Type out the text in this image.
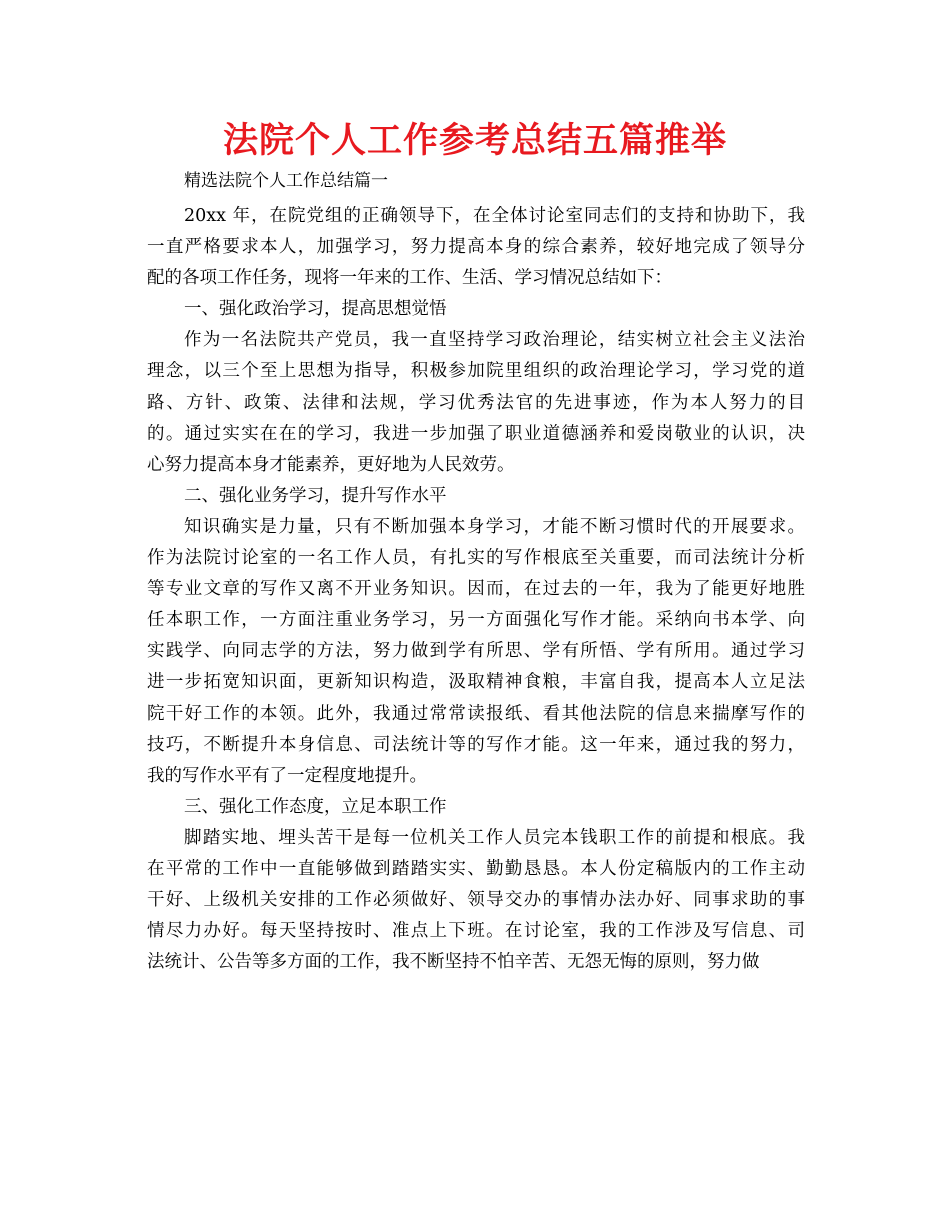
法院个人工作参考总结五篇推举

精选法院个人工作总结篇一

20xx 年，在院党组的正确领导下，在全体讨论室同志们的支持和协助下，我
一直严格要求本人，加强学习，努力提高本身的综合素养，较好地完成了领导分
配的各项工作任务，现将一年来的工作、生活、学习情况总结如下：
一、强化政治学习，提高思想觉悟
作为一名法院共产党员，我一直坚持学习政治理论，结实树立社会主义法治
理念，以三个至上思想为指导，积极参加院里组织的政治理论学习，学习党的道
路、方针、政策、法律和法规，学习优秀法官的先进事迹，作为本人努力的目
的。通过实实在在的学习，我进一步加强了职业道德涵养和爱岗敬业的认识，决
心努力提高本身才能素养，更好地为人民效劳。
二、强化业务学习，提升写作水平
知识确实是力量，只有不断加强本身学习，才能不断习惯时代的开展要求。
作为法院讨论室的一名工作人员，有扎实的写作根底至关重要，而司法统计分析
等专业文章的写作又离不开业务知识。因而，在过去的一年，我为了能更好地胜
任本职工作，一方面注重业务学习，另一方面强化写作才能。采纳向书本学、向
实践学、向同志学的方法，努力做到学有所思、学有所悟、学有所用。通过学习
进一步拓宽知识面，更新知识构造，汲取精神食粮，丰富自我，提高本人立足法
院干好工作的本领。此外，我通过常常读报纸、看其他法院的信息来揣摩写作的
技巧，不断提升本身信息、司法统计等的写作才能。这一年来，通过我的努力，
我的写作水平有了一定程度地提升。
三、强化工作态度，立足本职工作
脚踏实地、埋头苦干是每一位机关工作人员完本钱职工作的前提和根底。我
在平常的工作中一直能够做到踏踏实实、勤勤恳恳。本人份定稿版内的工作主动
干好、上级机关安排的工作必须做好、领导交办的事情办法办好、同事求助的事
情尽力办好。每天坚持按时、准点上下班。在讨论室，我的工作涉及写信息、司
法统计、公告等多方面的工作，我不断坚持不怕辛苦、无怨无悔的原则，努力做
